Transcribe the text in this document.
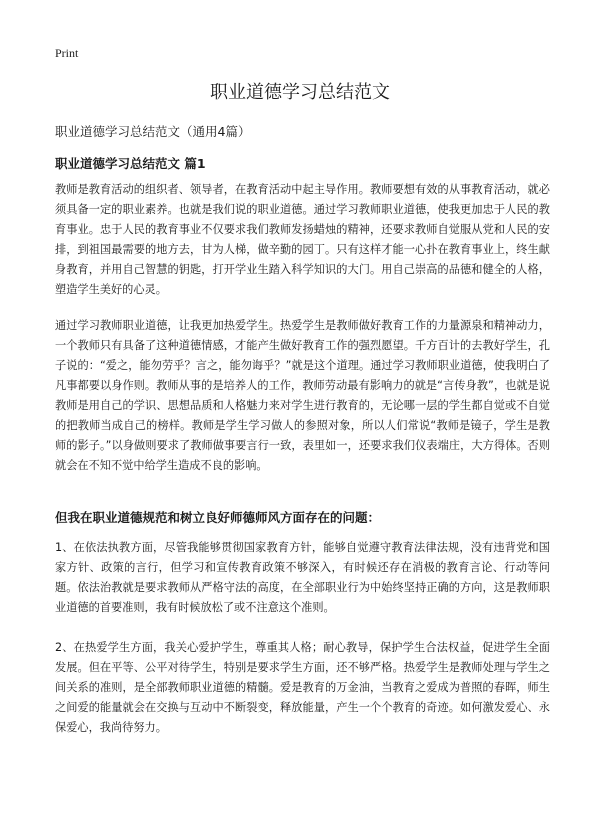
Print
职业道德学习总结范文

职业道德学习总结范文（通用4篇）

职业道德学习总结范文 篇1

教师是教育活动的组织者、领导者，在教育活动中起主导作用。教师要想有效的从事教育活动，就必须具备一定的职业素养。也就是我们说的职业道德。通过学习教师职业道德，使我更加忠于人民的教育事业。忠于人民的教育事业不仅要求我们教师发扬蜡烛的精神，还要求教师自觉服从党和人民的安排，到祖国最需要的地方去，甘为人梯，做辛勤的园丁。只有这样才能一心扑在教育事业上，终生献身教育，并用自己智慧的钥匙，打开学业生踏入科学知识的大门。用自己崇高的品德和健全的人格，塑造学生美好的心灵。

通过学习教师职业道德，让我更加热爱学生。热爱学生是教师做好教育工作的力量源泉和精神动力，一个教师只有具备了这种道德情感，才能产生做好教育工作的强烈愿望。千方百计的去教好学生，孔子说的：“爱之，能勿劳乎？言之，能勿诲乎？”就是这个道理。通过学习教师职业道德，使我明白了凡事都要以身作则。教师从事的是培养人的工作，教师劳动最有影响力的就是“言传身教”，也就是说教师是用自己的学识、思想品质和人格魅力来对学生进行教育的，无论哪一层的学生都自觉或不自觉的把教师当成自己的榜样。教师是学生学习做人的参照对象，所以人们常说“教师是镜子，学生是教师的影子。”以身做则要求了教师做事要言行一致，表里如一，还要求我们仪表端庄，大方得体。否则就会在不知不觉中给学生造成不良的影响。

但我在职业道德规范和树立良好师德师风方面存在的问题：

1、在依法执教方面，尽管我能够贯彻国家教育方针，能够自觉遵守教育法律法规，没有违背党和国家方针、政策的言行，但学习和宣传教育政策不够深入，有时候还存在消极的教育言论、行动等问题。依法治教就是要求教师从严格守法的高度，在全部职业行为中始终坚持正确的方向，这是教师职业道德的首要准则，我有时候放松了或不注意这个准则。

2、在热爱学生方面，我关心爱护学生，尊重其人格；耐心教导，保护学生合法权益，促进学生全面发展。但在平等、公平对待学生，特别是要求学生方面，还不够严格。热爱学生是教师处理与学生之间关系的准则，是全部教师职业道德的精髓。爱是教育的万金油，当教育之爱成为普照的春晖，师生之间爱的能量就会在交换与互动中不断裂变，释放能量，产生一个个教育的奇迹。如何激发爱心、永保爱心，我尚待努力。
